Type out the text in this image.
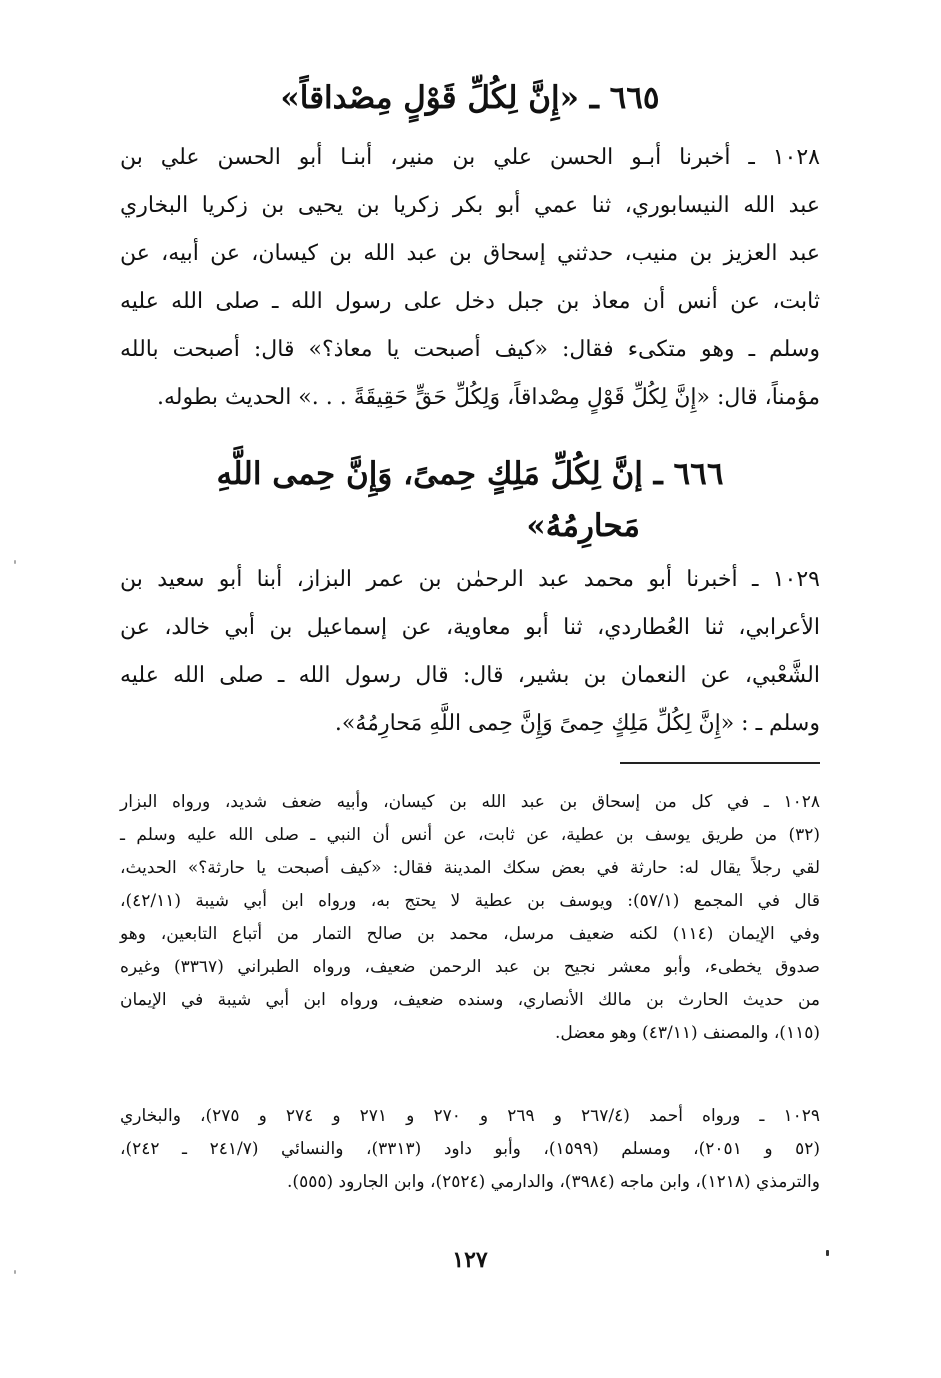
٦٦٥ ـ «إِنَّ لِكُلِّ قَوْلٍ مِصْداقاً»
١٠٢٨ ـ أخبرنا أبـو الحسن علي بن منير، أبنـا أبو الحسن علي بن
عبد الله النيسابوري، ثنا عمي أبو بكر زكريا بن يحيى بن زكريا البخاري
عبد العزيز بن منيب، حدثني إسحاق بن عبد الله بن كيسان، عن أبيه، عن
ثابت، عن أنس أن معاذ بن جبل دخل على رسول الله ـ صلى الله عليه
وسلم ـ وهو متكىء فقال: «كيف أصبحت يا معاذ؟» قال: أصبحت بالله
مؤمناً، قال: «إِنَّ لِكُلِّ قَوْلٍ مِصْداقاً، وَلِكُلِّ حَقٍّ حَقِيقَةً . . .» الحديث بطوله.
٦٦٦ ـ إنَّ لِكُلِّ مَلِكٍ حِمىً، وَإِنَّ حِمى اللَّهِ
مَحارِمُهُ»
١٠٢٩ ـ أخبرنا أبو محمد عبد الرحمٰن بن عمر البزاز، أبنا أبو سعيد بن
الأعرابي، ثنا العُطاردي، ثنا أبو معاوية، عن إسماعيل بن أبي خالد، عن
الشَّعْبي، عن النعمان بن بشير، قال: قال رسول الله ـ صلى الله عليه
وسلم ـ : «إِنَّ لِكُلِّ مَلِكٍ حِمىً وَإِنَّ حِمى اللَّهِ مَحارِمُهُ».
١٠٢٨ ـ في كل من إسحاق بن عبد الله بن كيسان، وأبيه ضعف شديد، ورواه البزار
(٣٢) من طريق يوسف بن عطية، عن ثابت، عن أنس أن النبي ـ صلى الله عليه وسلم ـ
لقي رجلاً يقال له: حارثة في بعض سكك المدينة فقال: «كيف أصبحت يا حارثة؟» الحديث،
قال في المجمع (٥٧/١): ويوسف بن عطية لا يحتج به، ورواه ابن أبي شيبة (٤٢/١١)،
وفي الإيمان (١١٤) لكنه ضعيف مرسل، محمد بن صالح التمار من أتباع التابعين، وهو
صدوق يخطىء، وأبو معشر نجيح بن عبد الرحمن ضعيف، ورواه الطبراني (٣٣٦٧) وغيره
من حديث الحارث بن مالك الأنصاري، وسنده ضعيف، ورواه ابن أبي شيبة في الإيمان
(١١٥)، والمصنف (٤٣/١١) وهو معضل.
١٠٢٩ ـ ورواه أحمد (٢٦٧/٤ و ٢٦٩ و ٢٧٠ و ٢٧١ و ٢٧٤ و ٢٧٥)، والبخاري
(٥٢ و ٢٠٥١)، ومسلم (١٥٩٩)، وأبو داود (٣٣١٣)، والنسائي (٢٤١/٧ ـ ٢٤٢)،
والترمذي (١٢١٨)، وابن ماجه (٣٩٨٤)، والدارمي (٢٥٢٤)، وابن الجارود (٥٥٥).
١٢٧
